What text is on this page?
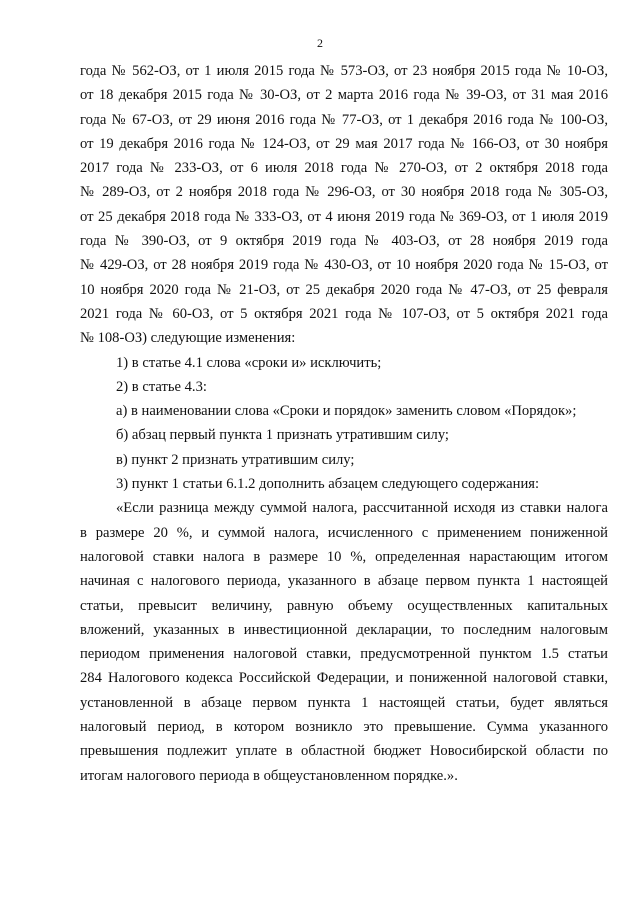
2
года № 562-ОЗ, от 1 июля 2015 года № 573-ОЗ, от 23 ноября 2015 года № 10-ОЗ,
от 18 декабря 2015 года № 30-ОЗ, от 2 марта 2016 года № 39-ОЗ, от 31 мая 2016
года № 67-ОЗ, от 29 июня 2016 года № 77-ОЗ, от 1 декабря 2016 года № 100-ОЗ,
от 19 декабря 2016 года № 124-ОЗ, от 29 мая 2017 года № 166-ОЗ, от 30 ноября
2017 года № 233-ОЗ, от 6 июля 2018 года № 270-ОЗ, от 2 октября 2018 года
№ 289-ОЗ, от 2 ноября 2018 года № 296-ОЗ, от 30 ноября 2018 года № 305-ОЗ,
от 25 декабря 2018 года № 333-ОЗ, от 4 июня 2019 года № 369-ОЗ, от 1 июля 2019
года № 390-ОЗ, от 9 октября 2019 года № 403-ОЗ, от 28 ноября 2019 года
№ 429-ОЗ, от 28 ноября 2019 года № 430-ОЗ, от 10 ноября 2020 года № 15-ОЗ, от
10 ноября 2020 года № 21-ОЗ, от 25 декабря 2020 года № 47-ОЗ, от 25 февраля
2021 года № 60-ОЗ, от 5 октября 2021 года № 107-ОЗ, от 5 октября 2021 года
№ 108-ОЗ) следующие изменения:
1) в статье 4.1 слова «сроки и» исключить;
2) в статье 4.3:
а) в наименовании слова «Сроки и порядок» заменить словом «Порядок»;
б) абзац первый пункта 1 признать утратившим силу;
в) пункт 2 признать утратившим силу;
3) пункт 1 статьи 6.1.2 дополнить абзацем следующего содержания:
«Если разница между суммой налога, рассчитанной исходя из ставки налога
в размере 20 %, и суммой налога, исчисленного с применением пониженной
налоговой ставки налога в размере 10 %, определенная нарастающим итогом
начиная с налогового периода, указанного в абзаце первом пункта 1 настоящей
статьи, превысит величину, равную объему осуществленных капитальных
вложений, указанных в инвестиционной декларации, то последним налоговым
периодом применения налоговой ставки, предусмотренной пунктом 1.5 статьи
284 Налогового кодекса Российской Федерации, и пониженной налоговой ставки,
установленной в абзаце первом пункта 1 настоящей статьи, будет являться
налоговый период, в котором возникло это превышение. Сумма указанного
превышения подлежит уплате в областной бюджет Новосибирской области по
итогам налогового периода в общеустановленном порядке.».
